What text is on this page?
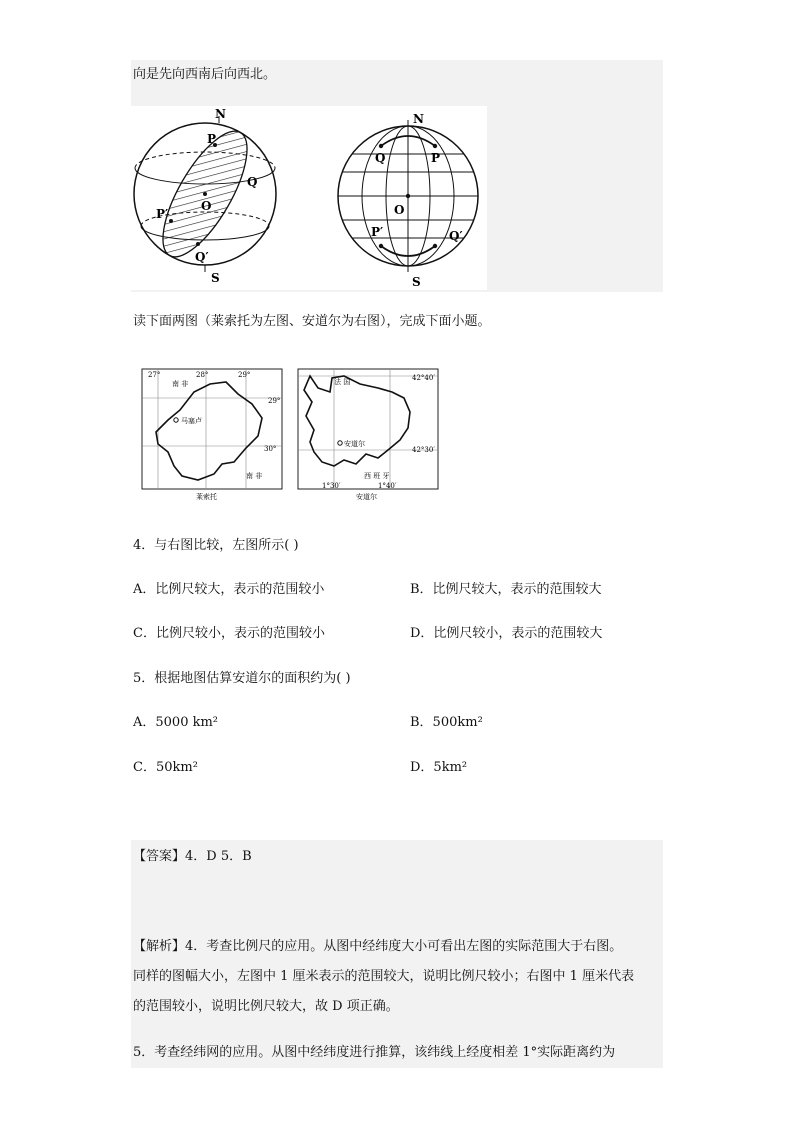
向是先向西南后向西北。
N
P
Q
O
P′
Q′
S
N
Q	P
O
P′	Q′
S
读下面两图（莱索托为左图、安道尔为右图），完成下面小题。
马塞卢
27°	28°	29°
南 非
29°
30°
南 非
莱索托
安道尔
法 国	42°40′
42°30′
西 班 牙
1°30′	1°40′
安道尔
4．与右图比较，左图所示( )
A．比例尺较大，表示的范围较小	B．比例尺较大，表示的范围较大
C．比例尺较小，表示的范围较小	D．比例尺较小，表示的范围较大
5．根据地图估算安道尔的面积约为( )
A．5000 km²	B．500km²
C．50km²	D．5km²
【答案】4．D 5．B
【解析】4．考查比例尺的应用。从图中经纬度大小可看出左图的实际范围大于右图。
同样的图幅大小，左图中 1 厘米表示的范围较大，说明比例尺较小；右图中 1 厘米代表
的范围较小，说明比例尺较大，故 D 项正确。
5．考查经纬网的应用。从图中经纬度进行推算，该纬线上经度相差 1°实际距离约为
